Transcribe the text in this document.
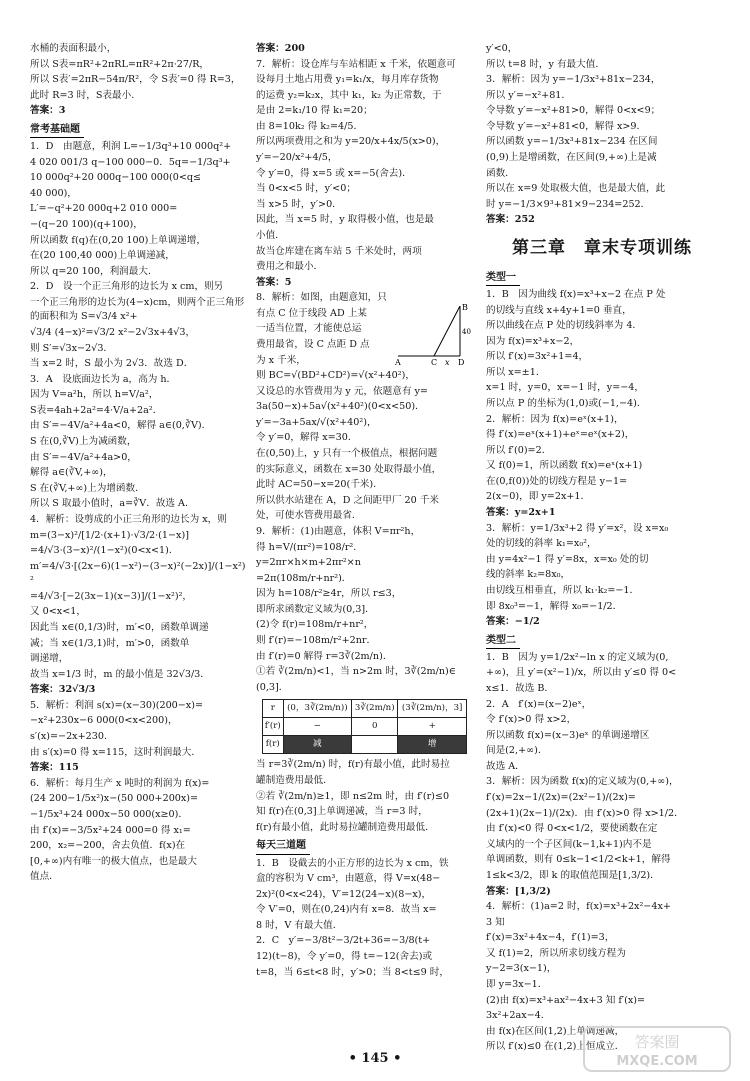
水桶的表面积最小，

所以 S表=πR²+2πRL=πR²+2π·27/R，

所以 S表′=2πR−54π/R²，令 S表′=0 得 R=3，

此时 R=3 时，S表最小．

答案：3

常考基础题

1．D　由题意，利润 L=−1/3q³+10 000q²+

4 020 001/3 q−100 000−0．5q=−1/3q³+

10 000q²+20 000q−100 000(0<q≤

40 000)，

L′=−q²+20 000q+2 010 000=

−(q−20 100)(q+100)，

所以函数 f(q)在(0,20 100)上单调递增，

在(20 100,40 000)上单调递减，

所以 q=20 100，利润最大．

2．D　设一个正三角形的边长为 x cm，则另

一个正三角形的边长为(4−x)cm，则两个正三角形的面积和为 S=√3/4 x²+

√3/4 (4−x)²=√3/2 x²−2√3x+4√3，

则 S′=√3x−2√3．

当 x=2 时，S 最小为 2√3．故选 D．

3．A　设底面边长为 a，高为 h．

因为 V=a²h，所以 h=V/a²，

S表=4ah+2a²=4·V/a+2a²．

由 S′=−4V/a²+4a<0，解得 a∈(0,∛V)．

S 在(0,∛V)上为减函数，

由 S′=−4V/a²+4a>0，

解得 a∈(∛V,+∞)，

S 在(∛V,+∞)上为增函数．

所以 S 取最小值时，a=∛V．故选 A．

4．解析：设剪成的小正三角形的边长为 x，则

m=(3−x)²/[1/2·(x+1)·√3/2·(1−x)]

=4/√3·(3−x)²/(1−x²)(0<x<1)．

m′=4/√3·[(2x−6)(1−x²)−(3−x)²(−2x)]/(1−x²)²

=4/√3·[−2(3x−1)(x−3)]/(1−x²)²，

又 0<x<1，

因此当 x∈(0,1/3)时，m′<0，函数单调递

减；当 x∈(1/3,1)时，m′>0，函数单

调递增，

故当 x=1/3 时，m 的最小值是 32√3/3．

答案：32√3/3

5．解析：利润 s(x)=(x−30)(200−x)=

−x²+230x−6 000(0<x<200)，

s′(x)=−2x+230．

由 s′(x)=0 得 x=115，这时利润最大．

答案：115

6．解析：每月生产 x 吨时的利润为 f(x)=

(24 200−1/5x²)x−(50 000+200x)=

−1/5x³+24 000x−50 000(x≥0)．

由 f′(x)=−3/5x²+24 000=0 得 x₁=

200，x₂=−200，舍去负值．f(x)在

[0,+∞)内有唯一的极大值点，也是最大

值点．

答案：200

7．解析：设仓库与车站相距 x 千米，依题意可

设每月土地占用费 y₁=k₁/x，每月库存货物

的运费 y₂=k₂x，其中 k₁，k₂ 为正常数，于

是由 2=k₁/10 得 k₁=20；

由 8=10k₂ 得 k₂=4/5．

所以两项费用之和为 y=20/x+4x/5(x>0)，

y′=−20/x²+4/5，

令 y′=0，得 x=5 或 x=−5(舍去)．

当 0<x<5 时，y′<0；

当 x>5 时，y′>0．

因此，当 x=5 时，y 取得极小值，也是最

小值．

故当仓库建在离车站 5 千米处时，两项

费用之和最小．

答案：5

8．解析：如图，由题意知，只

有点 C 位于线段 AD 上某

一适当位置，才能使总运

费用最省，设 C 点距 D 点

为 x 千米，

则 BC=√(BD²+CD²)=√(x²+40²)，

又设总的水管费用为 y 元，依题意有 y=

3a(50−x)+5a√(x²+40²)(0<x<50)．

y′=−3a+5ax/√(x²+40²)，

令 y′=0，解得 x=30．

在(0,50)上，y 只有一个极值点，根据问题

的实际意义，函数在 x=30 处取得最小值，

此时 AC=50−x=20(千米)．

所以供水站建在 A，D 之间距甲厂 20 千米

处，可使水管费用最省．

9．解析：(1)由题意，体积 V=πr²h，

得 h=V/(πr²)=108/r²．

y=2πr×h×m+2πr²×n

=2π(108m/r+nr²)．

因为 h=108/r²≥4r，所以 r≤3，

即所求函数定义域为(0,3]．

(2)令 f(r)=108m/r+nr²，

则 f′(r)=−108m/r²+2nr．

由 f′(r)=0 解得 r=3∛(2m/n)．

①若 ∛(2m/n)<1，当 n>2m 时，3∛(2m/n)∈

(0,3]．

r	(0，3∛(2m/n))	3∛(2m/n)	(3∛(2m/n)，3]
f′(r)	−	0	+
f(r)	减		增

当 r=3∛(2m/n) 时，f(r)有最小值，此时易拉

罐制造费用最低．

②若 ∛(2m/n)≥1，即 n≤2m 时，由 f′(r)≤0

知 f(r)在(0,3]上单调递减，当 r=3 时，

f(r)有最小值，此时易拉罐制造费用最低．

每天三道题

1．B　设截去的小正方形的边长为 x cm，铁

盒的容积为 V cm³，由题意，得 V=x(48−

2x)²(0<x<24)，V′=12(24−x)(8−x)，

令 V′=0，则在(0,24)内有 x=8．故当 x=

8 时，V 有最大值．

2．C　y′=−3/8t²−3/2t+36=−3/8(t+

12)(t−8)，令 y′=0，得 t=−12(舍去)或

t=8，当 6≤t<8 时，y′>0；当 8<t≤9 时，

y′<0，

所以 t=8 时，y 有最大值．

3．解析：因为 y=−1/3x³+81x−234，

所以 y′=−x²+81．

令导数 y′=−x²+81>0，解得 0<x<9；

令导数 y′=−x²+81<0，解得 x>9．

所以函数 y=−1/3x³+81x−234 在区间

(0,9)上是增函数，在区间(9,+∞)上是减

函数．

所以在 x=9 处取极大值，也是最大值，此

时 y=−1/3×9³+81×9−234=252．

答案：252

第三章　章末专项训练
类型一

1．B　因为曲线 f(x)=x³+x−2 在点 P 处

的切线与直线 x+4y+1=0 垂直，

所以曲线在点 P 处的切线斜率为 4．

因为 f(x)=x³+x−2，

所以 f′(x)=3x²+1=4，

所以 x=±1．

x=1 时，y=0，x=−1 时，y=−4，

所以点 P 的坐标为(1,0)或(−1,−4)．

2．解析：因为 f(x)=eˣ(x+1)，

得 f′(x)=eˣ(x+1)+eˣ=eˣ(x+2)，

所以 f′(0)=2．

又 f(0)=1，所以函数 f(x)=eˣ(x+1)

在(0,f(0))处的切线方程是 y−1=

2(x−0)，即 y=2x+1．

答案：y=2x+1

3．解析：y=1/3x³+2 得 y′=x²，设 x=x₀

处的切线的斜率 k₁=x₀²，

由 y=4x²−1 得 y′=8x，x=x₀ 处的切

线的斜率 k₂=8x₀，

由切线互相垂直，所以 k₁·k₂=−1．

即 8x₀³=−1，解得 x₀=−1/2．

答案：−1/2

类型二

1．B　因为 y=1/2x²−ln x 的定义域为(0,

+∞)，且 y′=(x²−1)/x，所以由 y′≤0 得 0<

x≤1．故选 B．

2．A　f′(x)=(x−2)eˣ，

令 f′(x)>0 得 x>2，

所以函数 f(x)=(x−3)eˣ 的单调递增区

间是(2,+∞)．

故选 A．

3．解析：因为函数 f(x)的定义域为(0,+∞)，

f′(x)=2x−1/(2x)=(2x²−1)/(2x)=

(2x+1)(2x−1)/(2x)．由 f′(x)>0 得 x>1/2．

由 f′(x)<0 得 0<x<1/2，要使函数在定

义域内的一个子区间(k−1,k+1)内不是

单调函数，则有 0≤k−1<1/2<k+1，解得

1≤k<3/2，即 k 的取值范围是[1,3/2)．

答案：[1,3/2)

4．解析：(1)a=2 时，f(x)=x³+2x²−4x+

3 知

f′(x)=3x²+4x−4，f′(1)=3，

又 f(1)=2，所以所求切线方程为

y−2=3(x−1)，

即 y=3x−1．

(2)由 f(x)=x³+ax²−4x+3 知 f′(x)=

3x²+2ax−4．

由 f(x)在区间(1,2)上单调递减，

所以 f′(x)≤0 在(1,2)上恒成立．

B
A	C x D
40
• 145 •
答案圈
MXQE.COM
